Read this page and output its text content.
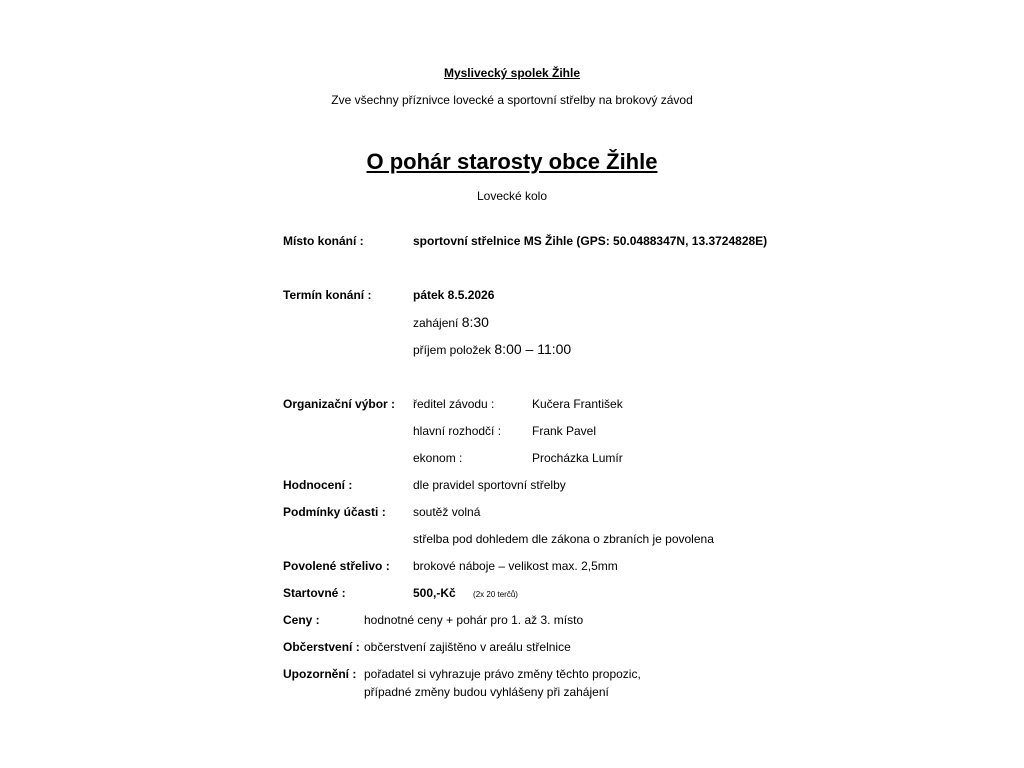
Myslivecký spolek Žihle
Zve všechny příznivce lovecké a sportovní střelby na brokový závod
O pohár starosty obce Žihle
Lovecké kolo
Místo konání :	sportovní střelnice MS Žihle (GPS: 50.0488347N, 13.3724828E)
Termín konání :	pátek 8.5.2026
zahájení 8:30
příjem položek 8:00 – 11:00
Organizační výbor : ředitel závodu :	Kučera František
hlavní rozhodčí :	Frank Pavel
ekonom :	Procházka Lumír
Hodnocení :	dle pravidel sportovní střelby
Podmínky účasti : soutěž volná
střelba pod dohledem dle zákona o zbraních je povolena
Povolené střelivo : brokové náboje – velikost max. 2,5mm
Startovné :	500,-Kč (2x 20 terčů)
Ceny :	hodnotné ceny + pohár pro 1. až 3. místo
Občerstvení : občerstvení zajištěno v areálu střelnice
Upozornění : pořadatel si vyhrazuje právo změny těchto propozic,
případné změny budou vyhlášeny při zahájení
